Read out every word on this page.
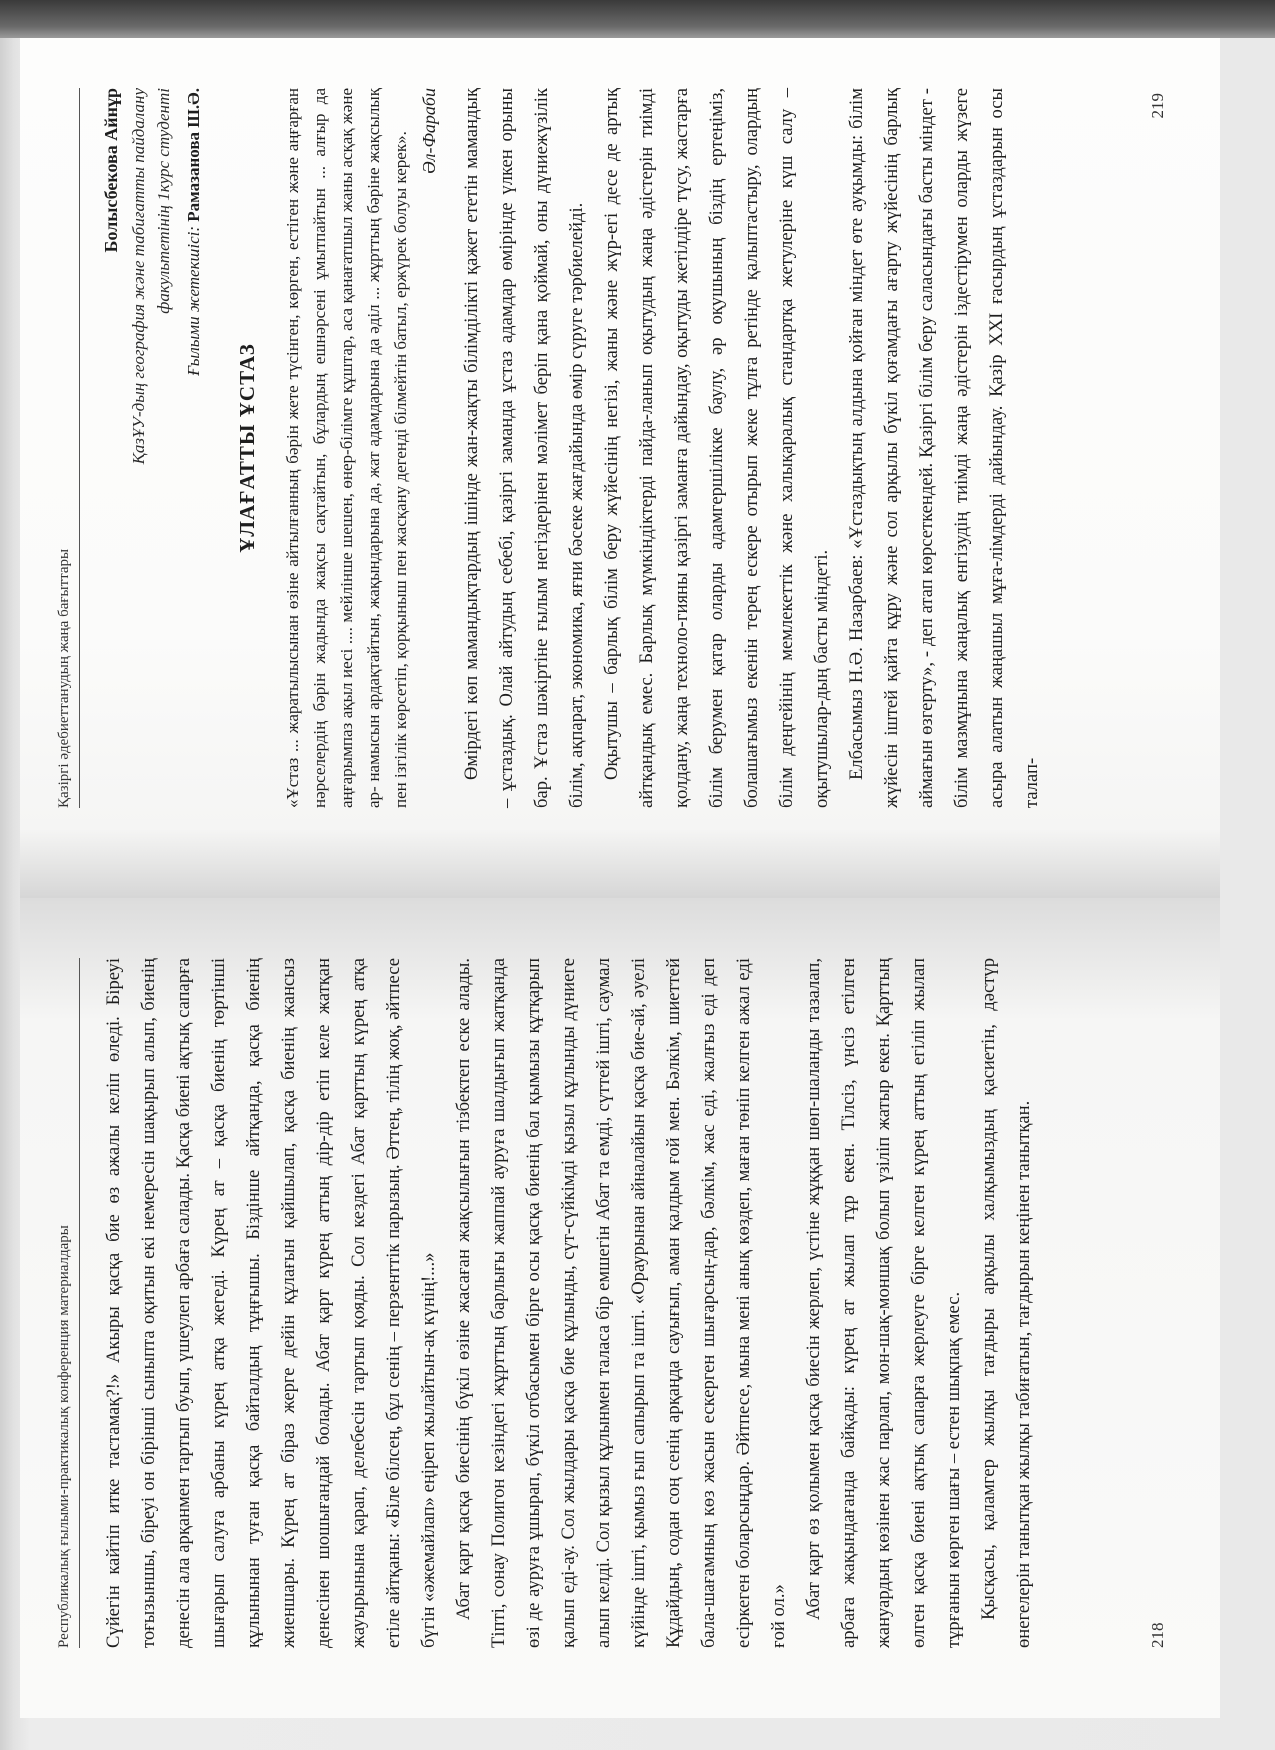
Республикалық ғылыми-практикалық конференция материалдары	Сүйегін кайтіп итке тастамақ?!» Акыры қасқа бие өз ажалы келіп өледі. Біреуі тоғызыншы, біреуі он бірінші сыныпта оқитын екі немересін шақырып алып, биенің денесін ала арқанмен тартып буып, үшеулеп арбаға салады. Қасқа биені ақтық сапарға шығарып салуға арбаны күрең атқа жегеді. Күрең ат – қасқа биенің төртінші құлынынан туған қасқа байталдың тұңғышы. Біздінше айтқанда, қасқа биенің жиеншары. Күрең ат біраз жерге дейін құлағын қайшылап, қасқа биенің жансыз денесінен шошығандай болады. Абат қарт күрең аттың дір-дір етіп келе жатқан жауырынына қарап, делебесін тартып қояды. Сол кездегі Абат қарттың күрең атқа етіле айтқаны: «Біле білсең, бұл сенің – перзенттік парызың. Әттең, тілің жоқ, әйтпесе бүгін «әжемайлап» еңіреп жылайтын-ақ күнің!...» Абат қарт қасқа биесінің бүкіл өзіне жасаған жақсылығын тізбектеп еске алады. Тіпті, сонау Полигон кезіндегі жұрттың барлығы жаппай ауруға шалдығып жатқанда өзі де ауруға ұшырап, бүкіл отбасымен бірге осы қасқа биенің бал қымызы құтқарып қалып еді-ау. Сол жылдары қасқа бие құлынды, сүт-сүйкімді қызыл құлынды дүниеге алып келді. Сол қызыл құлынмен таласа бір емшегін Абат та емді, сүттей ішті, саумал күйінде ішті, қымыз ғып сапырып та ішті. «Ораурынан айналайын қасқа бие-ай, әуелі Құдайдың, содан соң сенің арқаңда сауығып, аман қалдым ғой мен. Бәлкім, шиеттей бала-шағамның көз жасын ескерген шығарсың-дар, бәлкім, жас еді, жалғыз еді деп есіркеген боларсыңдар. Әйтпесе, мына мені анық көздеп, маған төніп келген ажал еді ғой ол.» Абат қарт өз қолымен қасқа биесін жерлеп, үстіне жұққан шөп-шаланды тазалап, арбаға жақындағанда байқады: күрең ат жылап тұр екен. Тілсіз, үнсіз етілген жануардың көзінен жас парлап, мон-шақ-моншақ болып үзіліп жатыр екен. Қарттың өлген қасқа биені ақтық сапарға жерлеуге бірге келген күрең аттың егіліп жылап тұрғанын көрген шағы – естен шықпақ емес. Қысқасы, қаламгер жылқы тағдыры арқылы халқымыздың қасиетін, дәстүр өнегелерін танытқан жылқы табиғатын, тағдырын кеңінен танытқан.	218
Қазіргі әдебиеттанудың жаңа бағыттары
Болысбекова Айнұр ҚазҰУ-дың география және табиғатты пайдалану факультетінің 1курс студенті Ғылыми жетекшісі: Рамазанова Ш.Ә.
ҰЛАҒАТТЫ ҰСТАЗ	«Ұстаз ... жаратылысынан өзіне айтылғанның бәрін жете түсінген, көрген, естіген және аңғарған нәрселердің бәрін жадында жақсы сақтайтын, бұлардың ешнәрсені ұмытпайтын ... алғыр да аңғарымпаз ақыл иесі .... мейлінше шешен, өнер-білімге құштар, аса қанағатшыл жаны асқақ және ар- намысын ардақтайтын, жақындарына да, жат адамдарына да әділ ... жұрттың бәріне жақсылық пен ізгілік көрсетіп, қорқыныш пен жасқану дегенді білмейтін батыл, ержүрек болуы керек».

Әл-Фараби	Өмірдегі көп мамандықтардың ішінде жан-жақты білімділікті қажет ететін мамандық – ұстаздық. Олай айтудың себебі, қазіргі заманда ұстаз адамдар өмірінде үлкен орыны бар. Ұстаз шәкіртіне ғылым негіздерінен мәлімет беріп қана қоймай, оны дүниежүзілік білім, ақпарат, экономика, яғни бәсеке жағдайында өмір сүруге тәрбиелейді. Оқытушы – барлық білім беру жүйесінің негізі, жаны және жүр-егі десе де артық айтқандық емес. Барлық мүмкіндіктерді пайда-ланып оқытудың жаңа әдістерін тиімді қолдану, жаңа техноло-гияны қазіргі заманға дайындау, оқытуды жетілдіре түсу, жастарға білім берумен қатар оларды адамгершілікке баулу, әр оқушының біздің ертеңіміз, болашағымыз екенін терең ескере отырып жеке тұлға ретінде қалыптастыру, олардың білім деңгейінің мемлекеттік және халықаралық стандартқа жетулеріне күш салу – оқытушылар-дың басты міндеті. Елбасымыз Н.Ә. Назарбаев: «Ұстаздықтың алдына қойған міндет өте ауқымды: білім жүйесін іштей қайта құру және сол арқылы бүкіл қоғамдағы ағарту жүйесінің барлық аймағын өзгерту», - деп атап көрсеткендей. Қазіргі білім беру саласындағы басты міндет - білім мазмұнына жаңалық енгізудің тиімді жаңа әдістерін іздестірумен оларды жүзеге асыра алатын жаңашыл мұға-лімдерді дайындау. Қазір ХХІ ғасырдың ұстаздарын осы талап-

219
